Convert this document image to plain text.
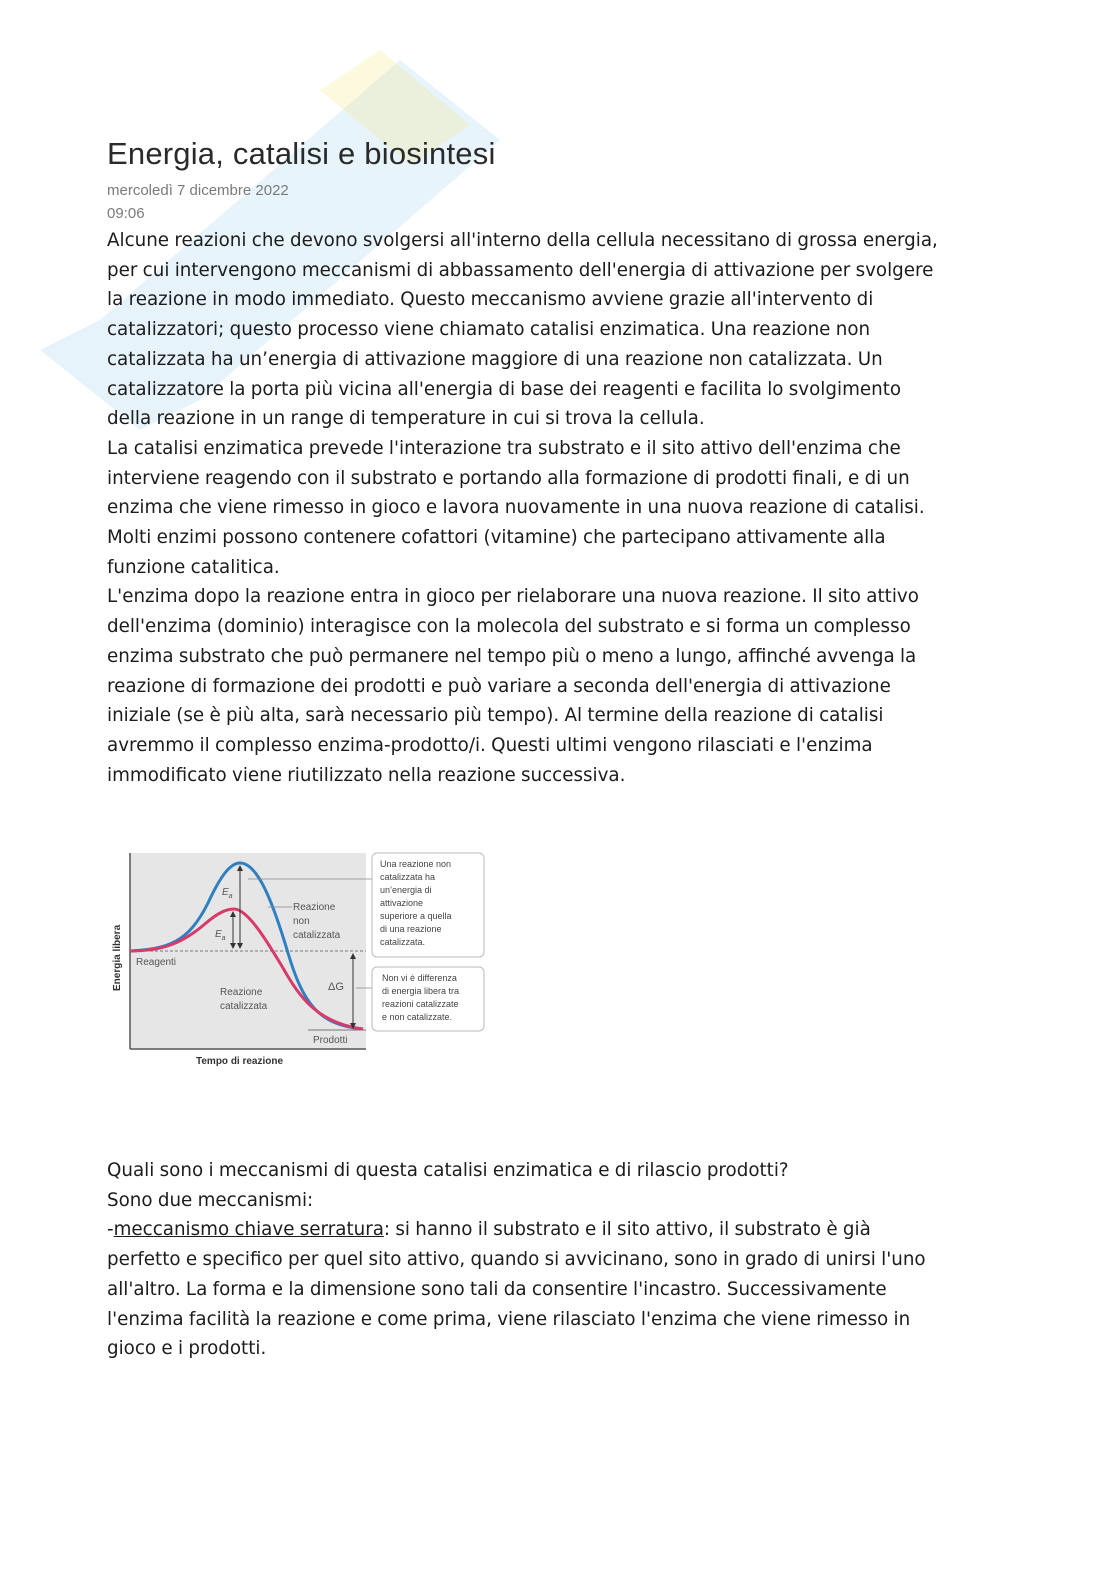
Energia, catalisi e biosintesi
mercoledì 7 dicembre 2022
09:06
Alcune reazioni che devono svolgersi all'interno della cellula necessitano di grossa energia,
per cui intervengono meccanismi di abbassamento dell'energia di attivazione per svolgere
la reazione in modo immediato. Questo meccanismo avviene grazie all'intervento di
catalizzatori; questo processo viene chiamato catalisi enzimatica. Una reazione non
catalizzata ha un’energia di attivazione maggiore di una reazione non catalizzata. Un
catalizzatore la porta più vicina all'energia di base dei reagenti e facilita lo svolgimento
della reazione in un range di temperature in cui si trova la cellula.
La catalisi enzimatica prevede l'interazione tra substrato e il sito attivo dell'enzima che
interviene reagendo con il substrato e portando alla formazione di prodotti finali, e di un
enzima che viene rimesso in gioco e lavora nuovamente in una nuova reazione di catalisi.
Molti enzimi possono contenere cofattori (vitamine) che partecipano attivamente alla
funzione catalitica.
L'enzima dopo la reazione entra in gioco per rielaborare una nuova reazione. Il sito attivo
dell'enzima (dominio) interagisce con la molecola del substrato e si forma un complesso
enzima substrato che può permanere nel tempo più o meno a lungo, affinché avvenga la
reazione di formazione dei prodotti e può variare a seconda dell'energia di attivazione
iniziale (se è più alta, sarà necessario più tempo). Al termine della reazione di catalisi
avremmo il complesso enzima-prodotto/i. Questi ultimi vengono rilasciati e l'enzima
immodificato viene riutilizzato nella reazione successiva.
Energia libera
Tempo di reazione
Reagenti
Prodotti
$E_a$
$E_a$
ΔG
Reazione non catalizzata
Reazione catalizzata
Una reazione non catalizzata ha un’energia di attivazione superiore a quella di una reazione catalizzata.
Non vi è differenza di energia libera tra reazioni catalizzate e non catalizzate.
Quali sono i meccanismi di questa catalisi enzimatica e di rilascio prodotti?
Sono due meccanismi:
-meccanismo chiave serratura: si hanno il substrato e il sito attivo, il substrato è già
perfetto e specifico per quel sito attivo, quando si avvicinano, sono in grado di unirsi l'uno
all'altro. La forma e la dimensione sono tali da consentire l'incastro. Successivamente
l'enzima facilità la reazione e come prima, viene rilasciato l'enzima che viene rimesso in
gioco e i prodotti.
